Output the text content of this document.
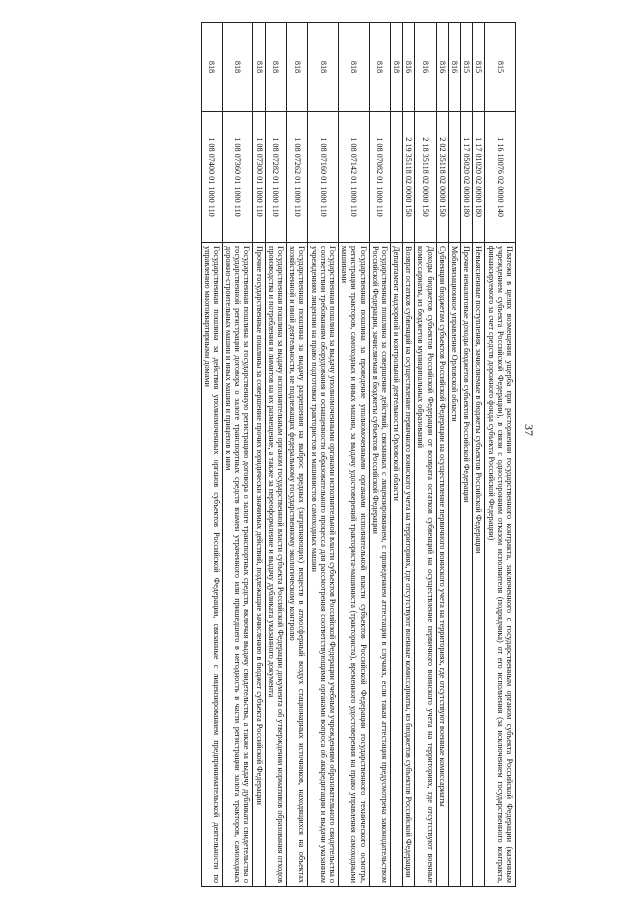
37
815	1 16 10076 02 0000 140	Платежи в целях возмещения ущерба при расторжении государственного контракта, заключенного с государственным органом субъекта Российской Федерации (казенным учреждением субъекта Российской Федерации), в связи с односторонним отказом исполнителя (подрядчика) от его исполнения (за исключением государственного контракта, финансируемого за счет средств дорожного фонда субъекта Российской Федерации)
815	1 17 01020 02 0000 180	Невыясненные поступления, зачисляемые в бюджеты субъектов Российской Федерации
815	1 17 05020 02 0000 180	Прочие неналоговые доходы бюджетов субъектов Российской Федерации
816		Мобилизационное управление Орловской области
816	2 02 35118 02 0000 150	Субвенции бюджетам субъектов Российской Федерации на осуществление первичного воинского учета на территориях, где отсутствуют военные комиссариаты
816	2 18 35118 02 0000 150	Доходы бюджетов субъектов Российской Федерации от возврата остатков субвенций на осуществление первичного воинского учета на территориях, где отсутствуют военные комиссариаты, из бюджетов муниципальных образований
816	2 19 35118 02 0000 150	Возврат остатков субвенций на осуществление первичного воинского учета на территориях, где отсутствуют военные комиссариаты, из бюджетов субъектов Российской Федерации
818		Департамент надзорной и контрольной деятельности Орловской области
818	1 08 07082 01 1000 110	Государственная пошлина за совершение действий, связанных с лицензированием, с проведением аттестации в случаях, если такая аттестация предусмотрена законодательством Российской Федерации, зачисляемая в бюджеты субъектов Российской Федерации
818	1 08 07142 01 1000 110	Государственная пошлина за проведение уполномоченными органами исполнительной власти субъектов Российской Федерации государственного технического осмотра, регистрации тракторов, самоходных и иных машин, за выдачу удостоверений тракториста-машиниста (тракториста), временного удостоверения на право управления самоходными машинами
818	1 08 07160 01 1000 110	Государственная пошлина за выдачу уполномоченными органами исполнительной власти субъектов Российской Федерации учебным учреждениям образовательного свидетельства о соответствии требованиям оборудования и оснащенности образовательного процесса для рассмотрения соответствующими органами вопроса об аккредитации и выдачи указанным учреждениям лицензии на право подготовки трактористов и машинистов самоходных машин
818	1 08 07262 01 1000 110	Государственная пошлина за выдачу разрешения на выброс вредных (загрязняющих) веществ в атмосферный воздух стационарных источников, находящихся на объектах хозяйственной и иной деятельности, не подлежащих федеральному государственному экологическому контролю
818	1 08 07282 01 1000 110	Государственная пошлина за выдачу исполнительным органом государственной власти субъекта Российской Федерации документа об утверждении нормативов образования отходов производства и потребления и лимитов на их размещение, а также за переоформление и выдачу дубликата указанного документа
818	1 08 07300 01 1000 110	Прочие государственные пошлины за совершение прочих юридически значимых действий, подлежащие зачислению в бюджет субъекта Российской Федерации
818	1 08 07360 01 1000 110	Государственная пошлина за государственную регистрацию договора о залоге транспортных средств, включая выдачу свидетельства, а также за выдачу дубликата свидетельства о государственной регистрации договора о залоге транспортных средств взамен утраченного или пришедшего в негодность в части регистрации залога тракторов, самоходных дорожно-строительных машин и иных машин и прицепов к ним
818	1 08 07400 01 1000 110	Государственная пошлина за действия уполномоченных органов субъектов Российской Федерации, связанные с лицензированием предпринимательской деятельности по управлению многоквартирными домами
